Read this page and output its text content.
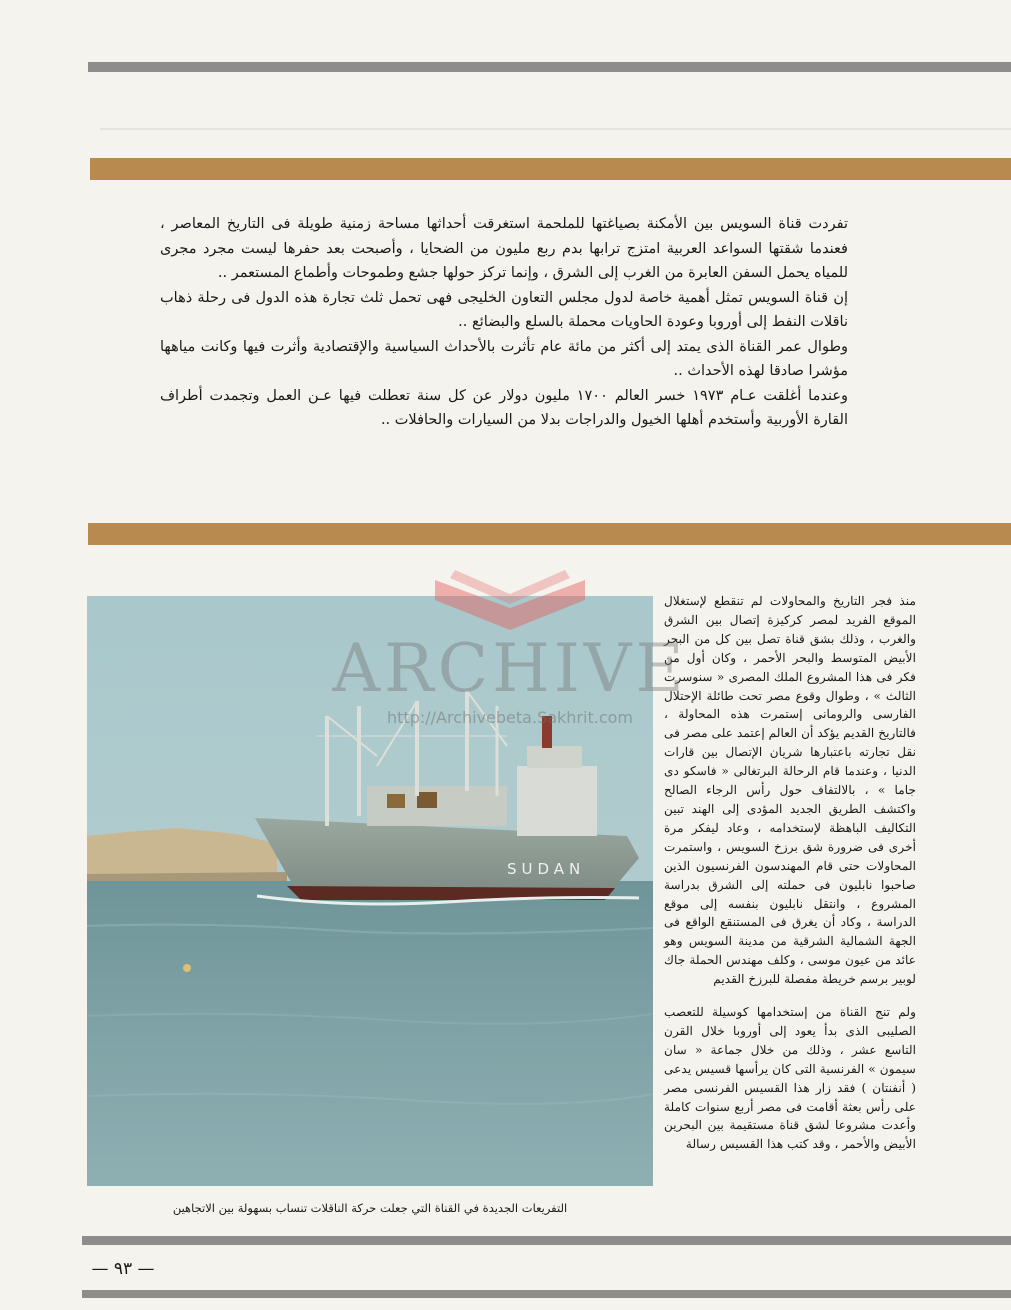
تفردت قناة السويس بين الأمكنة بصياغتها للملحمة استغرقت أحداثها مساحة زمنية طويلة فى التاريخ المعاصر ، فعندما شقتها السواعد العربية امتزج ترابها بدم ربع مليون من الضحايا ، وأصبحت بعد حفرها ليست مجرد مجرى للمياه يحمل السفن العابرة من الغرب إلى الشرق ، وإنما تركز حولها جشع وطموحات وأطماع المستعمر ..

إن قناة السويس تمثل أهمية خاصة لدول مجلس التعاون الخليجى فهى تحمل ثلث تجارة هذه الدول فى رحلة ذهاب ناقلات النفط إلى أوروبا وعودة الحاويات محملة بالسلع والبضائع ..

وطوال عمر القناة الذى يمتد إلى أكثر من مائة عام تأثرت بالأحداث السياسية والإقتصادية وأثرت فيها وكانت مياهها مؤشرا صادقا لهذه الأحداث ..

وعندما أغلقت عـام ١٩٧٣ خسر العالم ١٧٠٠ مليون دولار عن كل سنة تعطلت فيها عـن العمل وتجمدت أطراف القارة الأوربية وأستخدم أهلها الخيول والدراجات بدلا من السيارات والحافلات ..

SUDAN
التفريعات الجديدة في القناة التي جعلت حركة الناقلات تنساب بسهولة بين الاتجاهين

منذ فجر التاريخ والمحاولات لم تنقطع لإستغلال الموقع الفريد لمصر كركيزة إتصال بين الشرق والغرب ، وذلك بشق قناة تصل بين كل من البحر الأبيض المتوسط والبحر الأحمر ، وكان أول من فكر فى هذا المشروع الملك المصرى « سنوسرت الثالث » ، وطوال وقوع مصر تحت طائلة الإحتلال الفارسى والرومانى إستمرت هذه المحاولة ، فالتاريخ القديم يؤكد أن العالم إعتمد على مصر فى نقل تجارته باعتبارها شريان الإتصال بين قارات الدنيا ، وعندما قام الرحالة البرتغالى « فاسكو دى جاما » ، بالالتفاف حول رأس الرجاء الصالح واكتشف الطريق الجديد المؤدى إلى الهند تبين التكاليف الباهظة لإستخدامه ، وعاد ليفكر مرة أخرى فى ضرورة شق برزخ السويس ، واستمرت المحاولات حتى قام المهندسون الفرنسيون الذين صاحبوا نابليون فى حملته إلى الشرق بدراسة المشروع ، وانتقل نابليون بنفسه إلى موقع الدراسة ، وكاد أن يغرق فى المستنقع الواقع فى الجهة الشمالية الشرقية من مدينة السويس وهو عائد من عيون موسى ، وكلف مهندس الحملة جاك لوبير برسم خريطة مفصلة للبرزخ القديم

ولم تنج القناة من إستخدامها كوسيلة للتعصب الصليبى الذى بدأ يعود إلى أوروبا خلال القرن التاسع عشر ، وذلك من خلال جماعة « سان سيمون » الفرنسية التى كان يرأسها قسيس يدعى ( أنفنتان ) فقد زار هذا القسيس الفرنسى مصر على رأس بعثة أقامت فى مصر أربع سنوات كاملة وأعدت مشروعا لشق قناة مستقيمة بين البحرين الأبيض والأحمر ، وقد كتب هذا القسيس رسالة

ARCHIVE
http://Archivebeta.Sakhrit.com
— ٩٣ —
